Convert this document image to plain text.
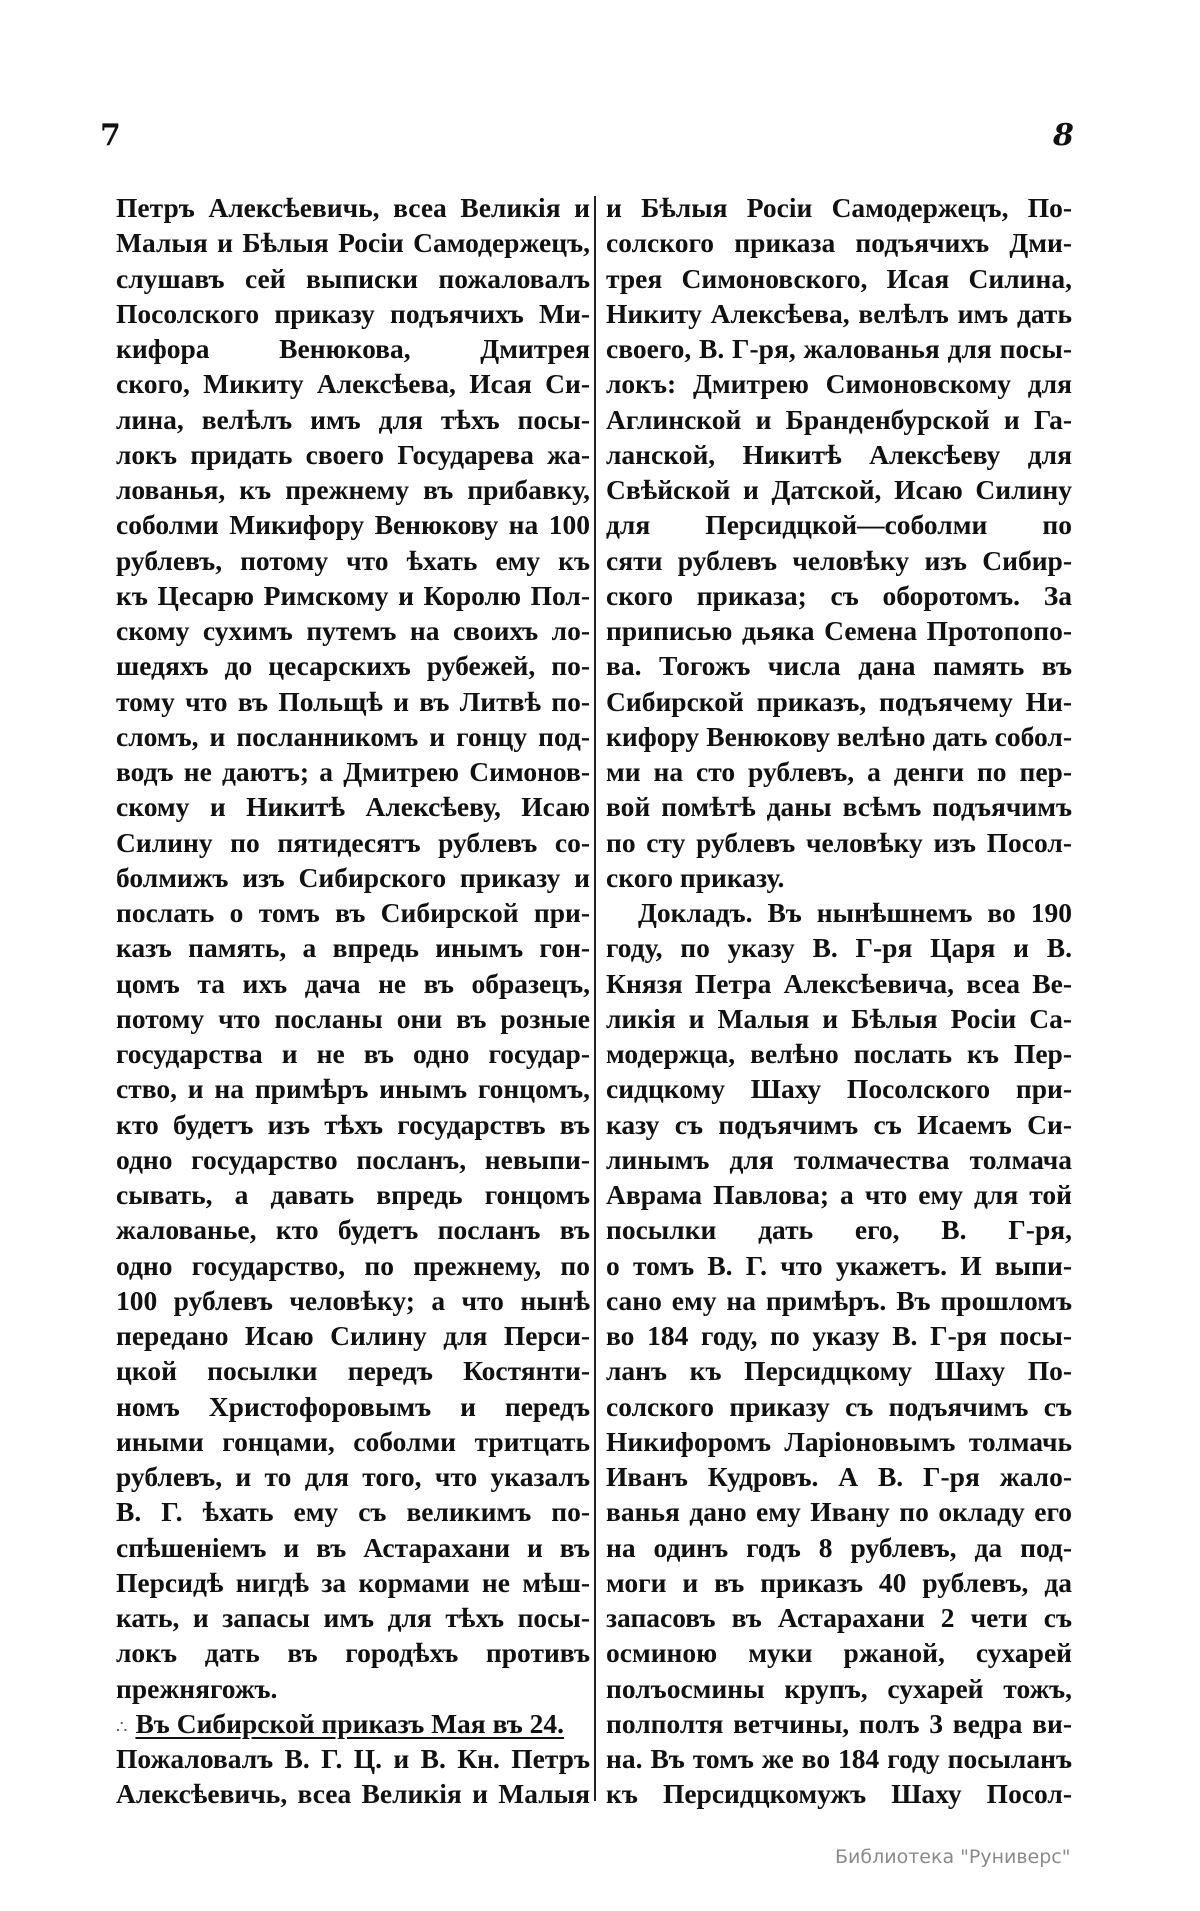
7	8
Петръ Алексѣевичь, всеа Великія и
Малыя и Бѣлыя Росіи Самодержецъ,
слушавъ сей выписки пожаловалъ
Посолского приказу подъячихъ Ми-
кифора Венюкова, Дмитрея
ского, Микиту Алексѣева, Исая Си-
лина, велѣлъ имъ для тѣхъ посы-
локъ придать своего Государева жа-
лованья, къ прежнему въ прибавку,
соболми Микифору Венюкову на 100
рублевъ, потому что ѣхать ему къ
къ Цесарю Римскому и Королю Пол-
скому сухимъ путемъ на своихъ ло-
шедяхъ до цесарскихъ рубежей, по-
тому что въ Польщѣ и въ Литвѣ по-
сломъ, и посланникомъ и гонцу под-
водъ не даютъ; а Дмитрею Симонов-
скому и Никитѣ Алексѣеву, Исаю
Силину по пятидесятъ рублевъ со-
болмижъ изъ Сибирского приказу и
послать о томъ въ Сибирской при-
казъ память, а впредь инымъ гон-
цомъ та ихъ дача не въ образецъ,
потому что посланы они въ розные
государства и не въ одно государ-
ство, и на примѣръ инымъ гонцомъ,
кто будетъ изъ тѣхъ государствъ въ
одно государство посланъ, невыпи-
сывать, а давать впредь гонцомъ
жалованье, кто будетъ посланъ въ
одно государство, по прежнему, по
100 рублевъ человѣку; а что нынѣ
передано Исаю Силину для Перси-
цкой посылки передъ Костянти-
номъ Христофоровымъ и передъ
иными гонцами, соболми тритцать
рублевъ, и то для того, что указалъ
В. Г. ѣхать ему съ великимъ по-
спѣшеніемъ и въ Астарахани и въ
Персидѣ нигдѣ за кормами не мѣш-
кать, и запасы имъ для тѣхъ посы-
локъ дать въ городѣхъ противъ
прежнягожъ.
∴ Въ Сибирской приказъ Мая въ 24.
Пожаловалъ В. Г. Ц. и В. Кн. Петръ
Алексѣевичь, всеа Великія и Малыя
и Бѣлыя Росіи Самодержецъ, По-
солского приказа подъячихъ Дми-
трея Симоновского, Исая Силина,
Никиту Алексѣева, велѣлъ имъ дать
своего, В. Г-ря, жалованья для посы-
локъ: Дмитрею Симоновскому для
Аглинской и Бранденбурской и Га-
ланской, Никитѣ Алексѣеву для
Свѣйской и Датской, Исаю Силину
для Персидцкой—соболми по
сяти рублевъ человѣку изъ Сибир-
ского приказа; съ оборотомъ. За
приписью дьяка Семена Протопопо-
ва. Тогожъ числа дана память въ
Сибирской приказъ, подъячему Ни-
кифору Венюкову велѣно дать собол-
ми на сто рублевъ, а денги по пер-
вой помѣтѣ даны всѣмъ подъячимъ
по сту рублевъ человѣку изъ Посол-
ского приказу.
Докладъ. Въ нынѣшнемъ во 190
году, по указу В. Г-ря Царя и В.
Князя Петра Алексѣевича, всеа Ве-
ликія и Малыя и Бѣлыя Росіи Са-
модержца, велѣно послать къ Пер-
сидцкому Шаху Посолского при-
казу съ подъячимъ съ Исаемъ Си-
линымъ для толмачества толмача
Аврама Павлова; а что ему для той
посылки дать его, В. Г-ря,
о томъ В. Г. что укажетъ. И выпи-
сано ему на примѣръ. Въ прошломъ
во 184 году, по указу В. Г-ря посы-
ланъ къ Персидцкому Шаху По-
солского приказу съ подъячимъ съ
Никифоромъ Ларіоновымъ толмачь
Иванъ Кудровъ. А В. Г-ря жало-
ванья дано ему Ивану по окладу его
на одинъ годъ 8 рублевъ, да под-
моги и въ приказъ 40 рублевъ, да
запасовъ въ Астарахани 2 чети съ
осминою муки ржаной, сухарей
полъосмины крупъ, сухарей тожъ,
полполтя ветчины, полъ 3 ведра ви-
на. Въ томъ же во 184 году посыланъ
къ Персидцкомужъ Шаху Посол-
Библиотека "Руниверс"
